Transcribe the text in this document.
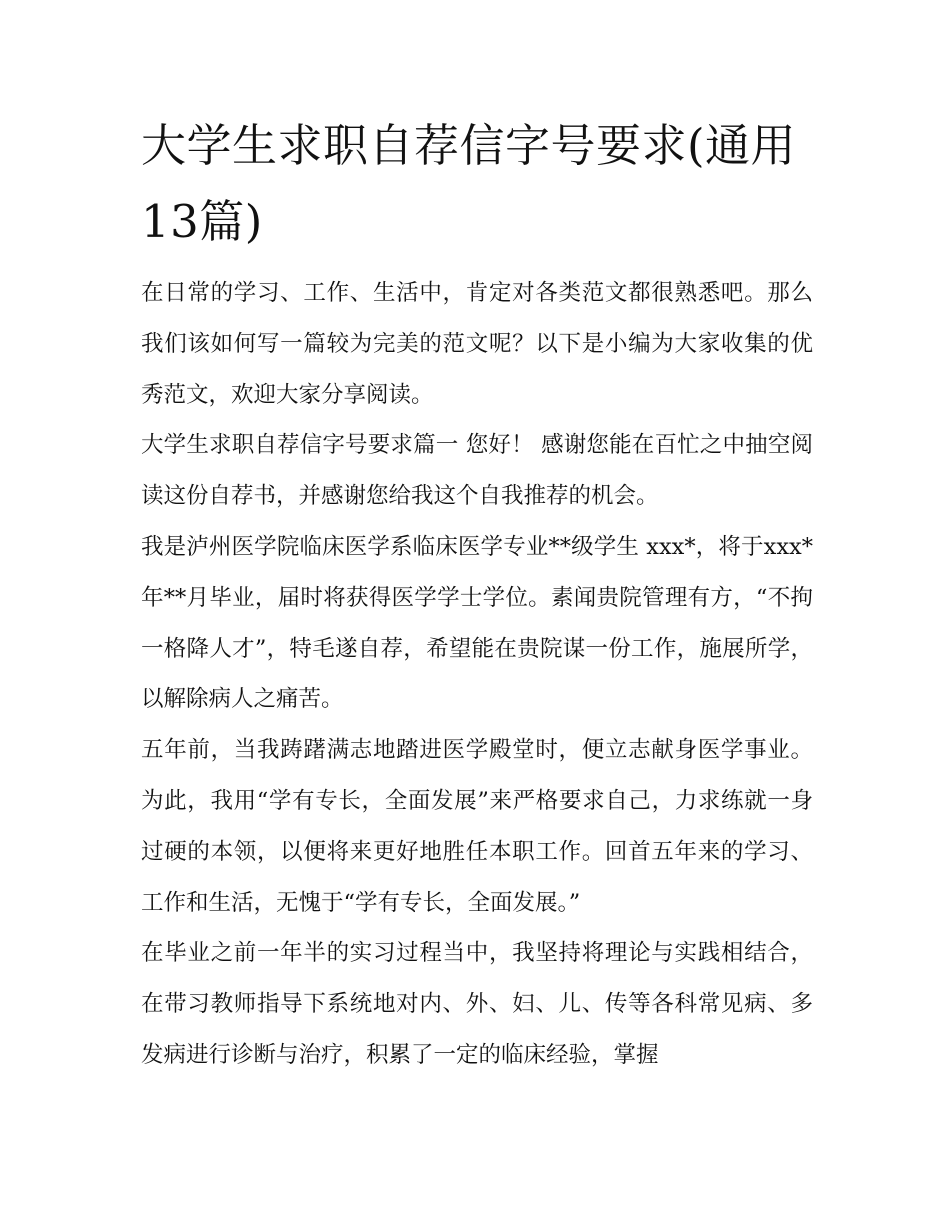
大学生求职自荐信字号要求(通用13篇)

在日常的学习、工作、生活中，肯定对各类范文都很熟悉吧。那么我们该如何写一篇较为完美的范文呢？以下是小编为大家收集的优秀范文，欢迎大家分享阅读。

大学生求职自荐信字号要求篇一 您好！ 感谢您能在百忙之中抽空阅读这份自荐书，并感谢您给我这个自我推荐的机会。

我是泸州医学院临床医学系临床医学专业**级学生 xxx*，将于xxx*年**月毕业，届时将获得医学学士学位。素闻贵院管理有方，“不拘一格降人才”，特毛遂自荐，希望能在贵院谋一份工作，施展所学，以解除病人之痛苦。

五年前，当我踌躇满志地踏进医学殿堂时，便立志献身医学事业。为此，我用“学有专长，全面发展”来严格要求自己，力求练就一身过硬的本领，以便将来更好地胜任本职工作。回首五年来的学习、工作和生活，无愧于“学有专长，全面发展。”

在毕业之前一年半的实习过程当中，我坚持将理论与实践相结合，在带习教师指导下系统地对内、外、妇、儿、传等各科常见病、多发病进行诊断与治疗，积累了一定的临床经验，掌握
